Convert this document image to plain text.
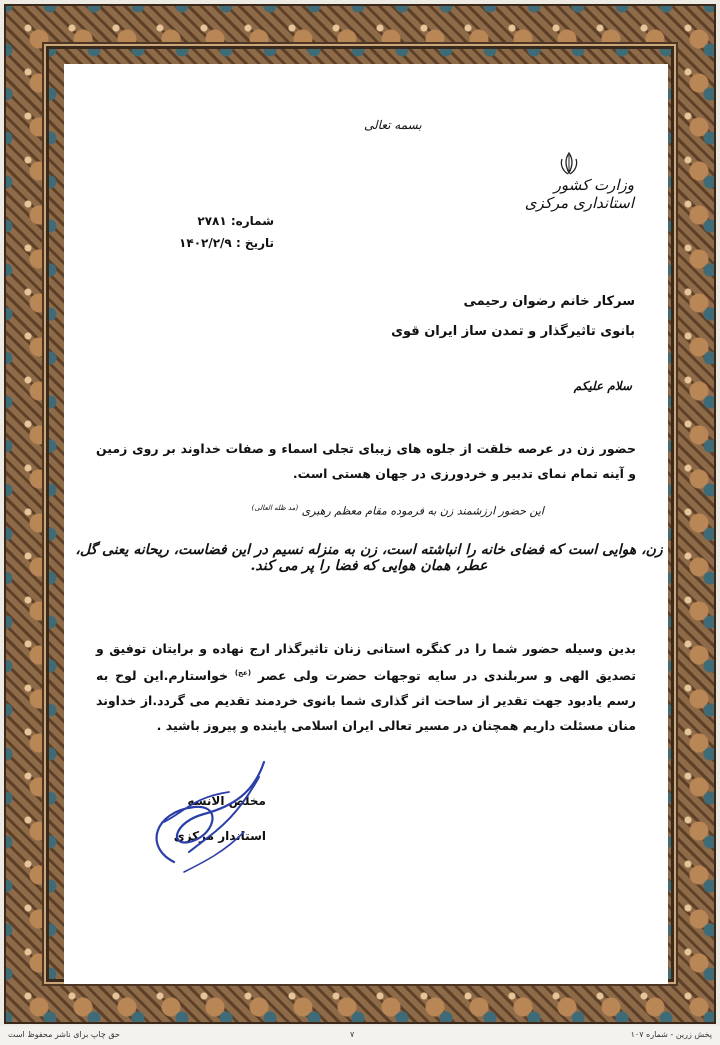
بسمه تعالی
وزارت کشور
استانداری مرکزی
شماره: ۲۷۸۱
تاریخ : ۱۴۰۲/۲/۹
سرکار خانم رضوان رحیمی
بانوی تاثیرگذار و تمدن ساز ایران قوی
سلام علیکم
حضور زن در عرصه خلقت از جلوه های زیبای تجلی اسماء و صفات خداوند بر روی زمین و آینه تمام نمای تدبیر و خردورزی در جهان هستی است.
این حضور ارزشمند زن به فرموده مقام معظم رهبری $^{(مد ظله العالی)}$
زن، هوایی است که فضای خانه را انباشته است، زن به منزله نسیم در این فضاست، ریحانه یعنی گل، عطر، همان هوایی که فضا را پر می کند.
بدین وسیله حضور شما را در کنگره استانی زنان تاثیرگذار ارج نهاده و برایتان توفیق و تصدیق الهی و سربلندی در سایه توجهات حضرت ولی عصر $^{(عج)}$ خواستارم.این لوح به رسم یادبود جهت تقدیر از ساحت اثر گذاری شما بانوی خردمند تقدیم می گردد.از خداوند منان مسئلت داریم همچنان در مسیر تعالی ایران اسلامی پاینده و پیروز باشید .
مخلص الانسه
استاندار مرکزی
حق چاپ برای ناشر محفوظ است	۷	پخش زرین - شماره ۱۰۷
